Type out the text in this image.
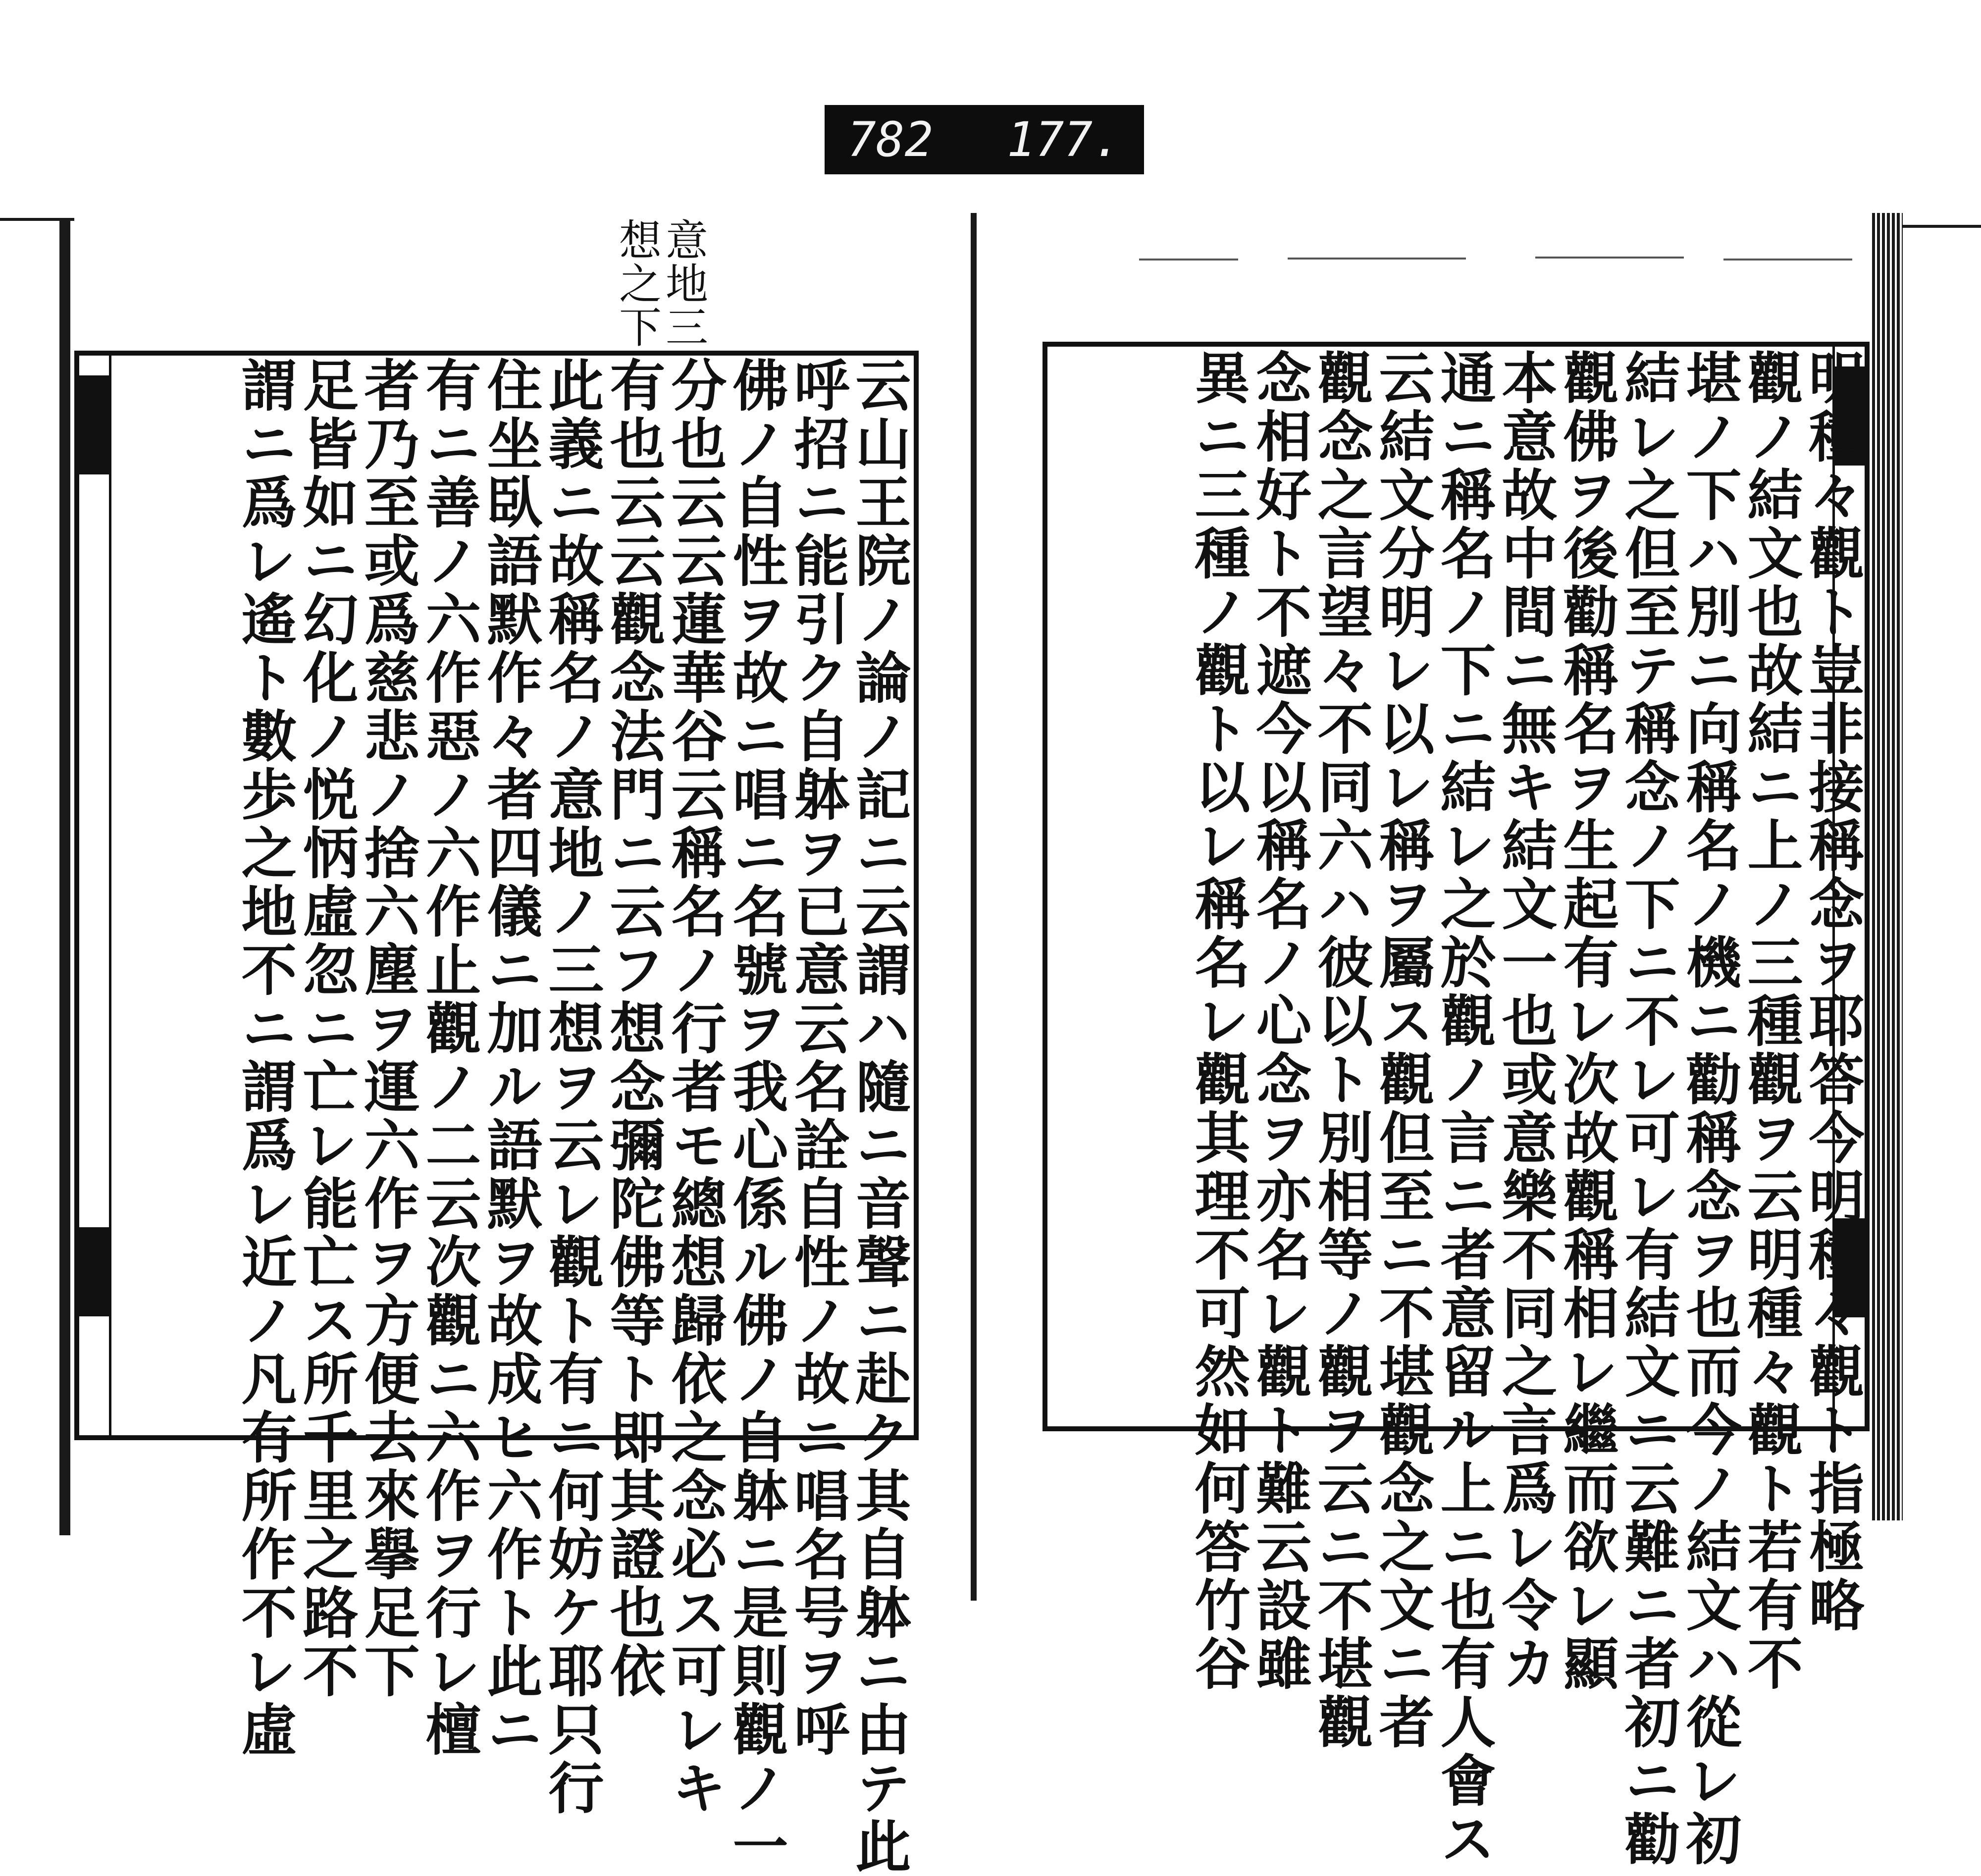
782 177.
意地三
想之下
明種々觀ト豈非接稱念ヲ耶答今明種々觀ト指極略
觀ノ結文也故結ニ上ノ三種觀ヲ云明種々觀ト若有不
堪ノ下ハ別ニ向稱名ノ機ニ勸稱念ヲ也而今ノ結文ハ從レ初
結レ之但至テ稱念ノ下ニ不レ可レ有結文ニ云難ニ者初ニ勸
觀佛ヲ後勸稱名ヲ生起有レ次故觀稱相レ繼而欲レ顯
本意故中間ニ無キ結文一也或意樂不同之言爲レ令カ
通ニ稱名ノ下ニ結レ之於觀ノ言ニ者意留ル上ニ也有人會ス
云結文分明レ以レ稱ヲ屬ス觀但至ニ不堪觀念之文ニ者
觀念之言望々不同六ハ彼以ト別相等ノ觀ヲ云ニ不堪觀
念相好ト不遮今以稱名ノ心念ヲ亦名レ觀ト難云設雖
異ニ三種ノ觀ト以レ稱名レ觀其理不可然如何答竹谷
云山王院ノ論ノ記ニ云謂ハ隨ニ音聲ニ赴ク其自躰ニ由テ此
呼招ニ能引ク自躰ヲ已意云名詮自性ノ故ニ唱名号ヲ呼
佛ノ自性ヲ故ニ唱ニ名號ヲ我心係ル佛ノ自躰ニ是則觀ノ一
分也云云蓮華谷云稱名ノ行者モ總想歸依之念必ス可レキ
有也云云觀念法門ニ云フ想念彌陀佛等ト即其證也依
此義ニ故稱名ノ意地ノ三想ヲ云レ觀ト有ニ何妨ケ耶只行
住坐臥語默作々者四儀ニ加ル語默ヲ故成ヒ六作ト此ニ
有ニ善ノ六作惡ノ六作止觀ノ二云次觀ニ六作ヲ行レ檀
者乃至或爲慈悲ノ捨六塵ヲ運六作ヲ方便去來擧足下
足皆如ニ幻化ノ悦怲虛忽ニ亡レ能亡ス所千里之路不
謂ニ爲レ遙ト數歩之地不ニ謂爲レ近ノ凡有所作不レ虛
